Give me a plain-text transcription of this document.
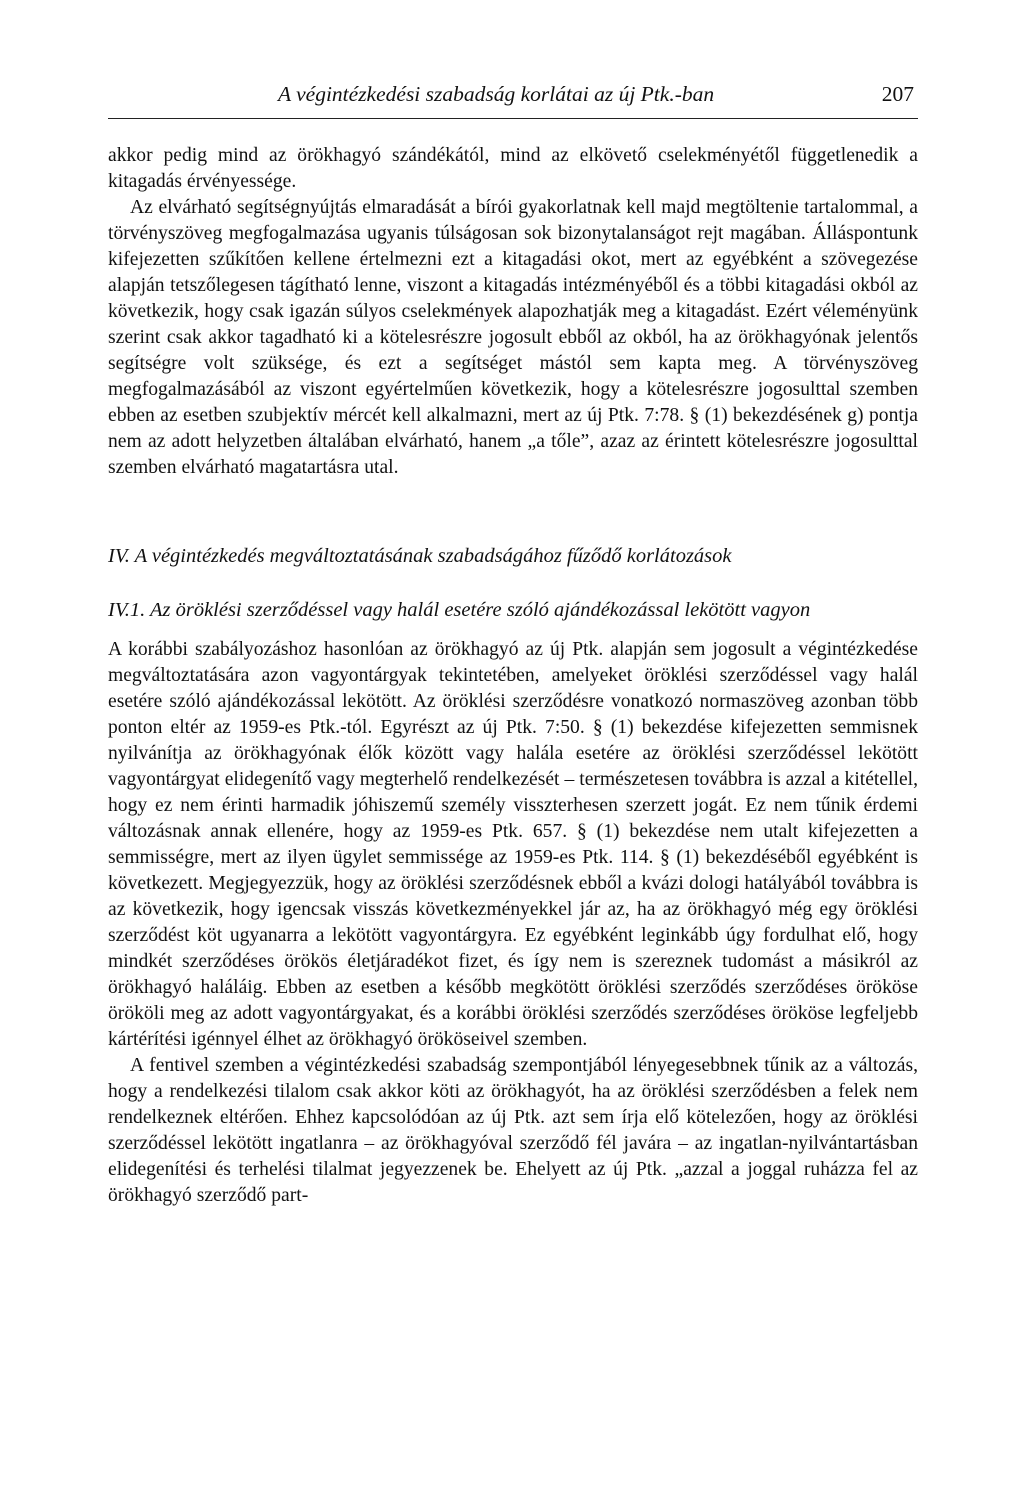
A végintézkedési szabadság korlátai az új Ptk.-ban	207

akkor pedig mind az örökhagyó szándékától, mind az elkövető cselekményétől függetlenedik a kitagadás érvényessége.

Az elvárható segítségnyújtás elmaradását a bírói gyakorlatnak kell majd megtöltenie tartalommal, a törvényszöveg megfogalmazása ugyanis túlságosan sok bizonytalanságot rejt magában. Álláspontunk kifejezetten szűkítően kellene értelmezni ezt a kitagadási okot, mert az egyébként a szövegezése alapján tetszőlegesen tágítható lenne, viszont a kitagadás intézményéből és a többi kitagadási okból az következik, hogy csak igazán súlyos cselekmények alapozhatják meg a kitagadást. Ezért véleményünk szerint csak akkor tagadható ki a kötelesrészre jogosult ebből az okból, ha az örökhagyónak jelentős segítségre volt szüksége, és ezt a segítséget mástól sem kapta meg. A törvényszöveg megfogalmazásából az viszont egyértelműen következik, hogy a kötelesrészre jogosulttal szemben ebben az esetben szubjektív mércét kell alkalmazni, mert az új Ptk. 7:78. § (1) bekezdésének g) pontja nem az adott helyzetben általában elvárható, hanem „a tőle”, azaz az érintett kötelesrészre jogosulttal szemben elvárható magatartásra utal.

IV. A végintézkedés megváltoztatásának szabadságához fűződő korlátozások

IV.1. Az öröklési szerződéssel vagy halál esetére szóló ajándékozással lekötött vagyon

A korábbi szabályozáshoz hasonlóan az örökhagyó az új Ptk. alapján sem jogosult a végintézkedése megváltoztatására azon vagyontárgyak tekintetében, amelyeket öröklési szerződéssel vagy halál esetére szóló ajándékozással lekötött. Az öröklési szerződésre vonatkozó normaszöveg azonban több ponton eltér az 1959-es Ptk.-tól. Egyrészt az új Ptk. 7:50. § (1) bekezdése kifejezetten semmisnek nyilvánítja az örökhagyónak élők között vagy halála esetére az öröklési szerződéssel lekötött vagyontárgyat elidegenítő vagy megterhelő rendelkezését – természetesen továbbra is azzal a kitétellel, hogy ez nem érinti harmadik jóhiszemű személy visszterhesen szerzett jogát. Ez nem tűnik érdemi változásnak annak ellenére, hogy az 1959-es Ptk. 657. § (1) bekezdése nem utalt kifejezetten a semmisségre, mert az ilyen ügylet semmissége az 1959-es Ptk. 114. § (1) bekezdéséből egyébként is következett. Megjegyezzük, hogy az öröklési szerződésnek ebből a kvázi dologi hatályából továbbra is az következik, hogy igencsak visszás következményekkel jár az, ha az örökhagyó még egy öröklési szerződést köt ugyanarra a lekötött vagyontárgyra. Ez egyébként leginkább úgy fordulhat elő, hogy mindkét szerződéses örökös életjáradékot fizet, és így nem is szereznek tudomást a másikról az örökhagyó haláláig. Ebben az esetben a később megkötött öröklési szerződés szerződéses örököse örököli meg az adott vagyontárgyakat, és a korábbi öröklési szerződés szerződéses örököse legfeljebb kártérítési igénnyel élhet az örökhagyó örököseivel szemben.

A fentivel szemben a végintézkedési szabadság szempontjából lényegesebbnek tűnik az a változás, hogy a rendelkezési tilalom csak akkor köti az örökhagyót, ha az öröklési szerződésben a felek nem rendelkeznek eltérően. Ehhez kapcsolódóan az új Ptk. azt sem írja elő kötelezően, hogy az öröklési szerződéssel lekötött ingatlanra – az örökhagyóval szerződő fél javára – az ingatlan-nyilvántartásban elidegenítési és terhelési tilalmat jegyezzenek be. Ehelyett az új Ptk. „azzal a joggal ruházza fel az örökhagyó szerződő part-
